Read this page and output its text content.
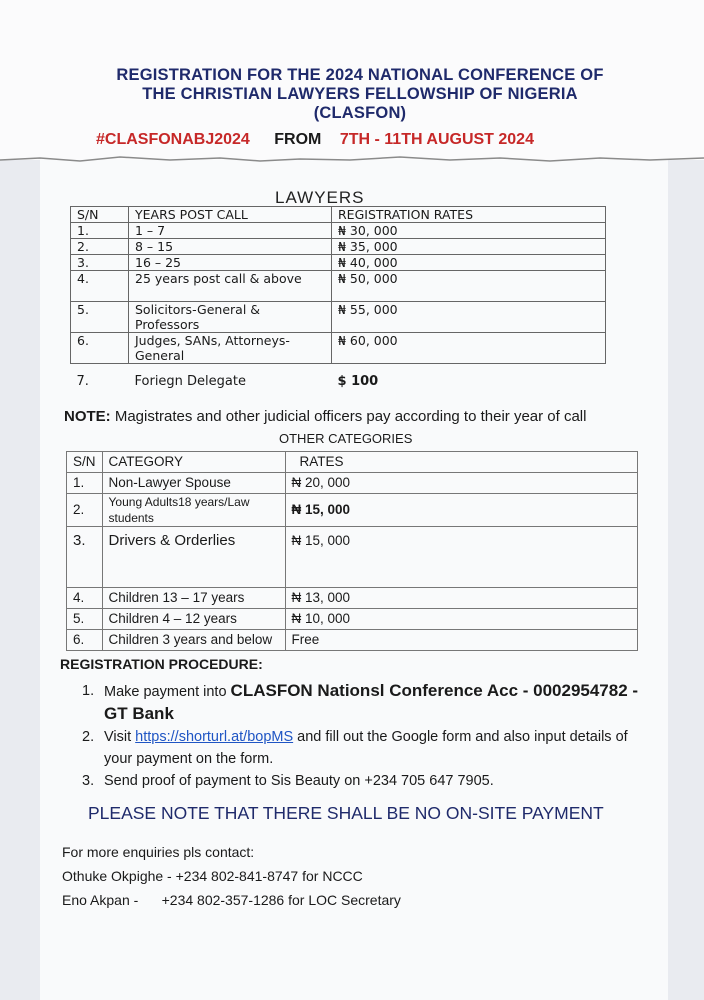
REGISTRATION FOR THE 2024 NATIONAL CONFERENCE OF
THE CHRISTIAN LAWYERS FELLOWSHIP OF NIGERIA
(CLASFON)
#CLASFONABJ2024 FROM 7TH - 11TH AUGUST 2024
LAWYERS
S/N	YEARS POST CALL	REGISTRATION RATES
1.	1 – 7	₦ 30, 000
2.	8 – 15	₦ 35, 000
3.	16 – 25	₦ 40, 000
4.	25 years post call & above	₦ 50, 000
5.	Solicitors-General & Professors	₦ 55, 000
6.	Judges, SANs, Attorneys-General	₦ 60, 000
7.	Foriegn Delegate	$ 100
NOTE: Magistrates and other judicial officers pay according to their year of call
OTHER CATEGORIES
S/N	CATEGORY	RATES
1.	Non-Lawyer Spouse	₦ 20, 000
2.	Young Adults18 years/Law students	₦ 15, 000
3.	Drivers & Orderlies	₦ 15, 000
4.	Children 13 – 17 years	₦ 13, 000
5.	Children 4 – 12 years	₦ 10, 000
6.	Children 3 years and below	Free
REGISTRATION PROCEDURE:
1. Make payment into CLASFON Nationsl Conference Acc - 0002954782 - GT Bank
2. Visit https://shorturl.at/bopMS and fill out the Google form and also input details of your payment on the form.
3. Send proof of payment to Sis Beauty on +234 705 647 7905.
PLEASE NOTE THAT THERE SHALL BE NO ON-SITE PAYMENT
For more enquiries pls contact:
Othuke Okpighe - +234 802-841-8747 for NCCC
Eno Akpan -      +234 802-357-1286 for LOC Secretary
